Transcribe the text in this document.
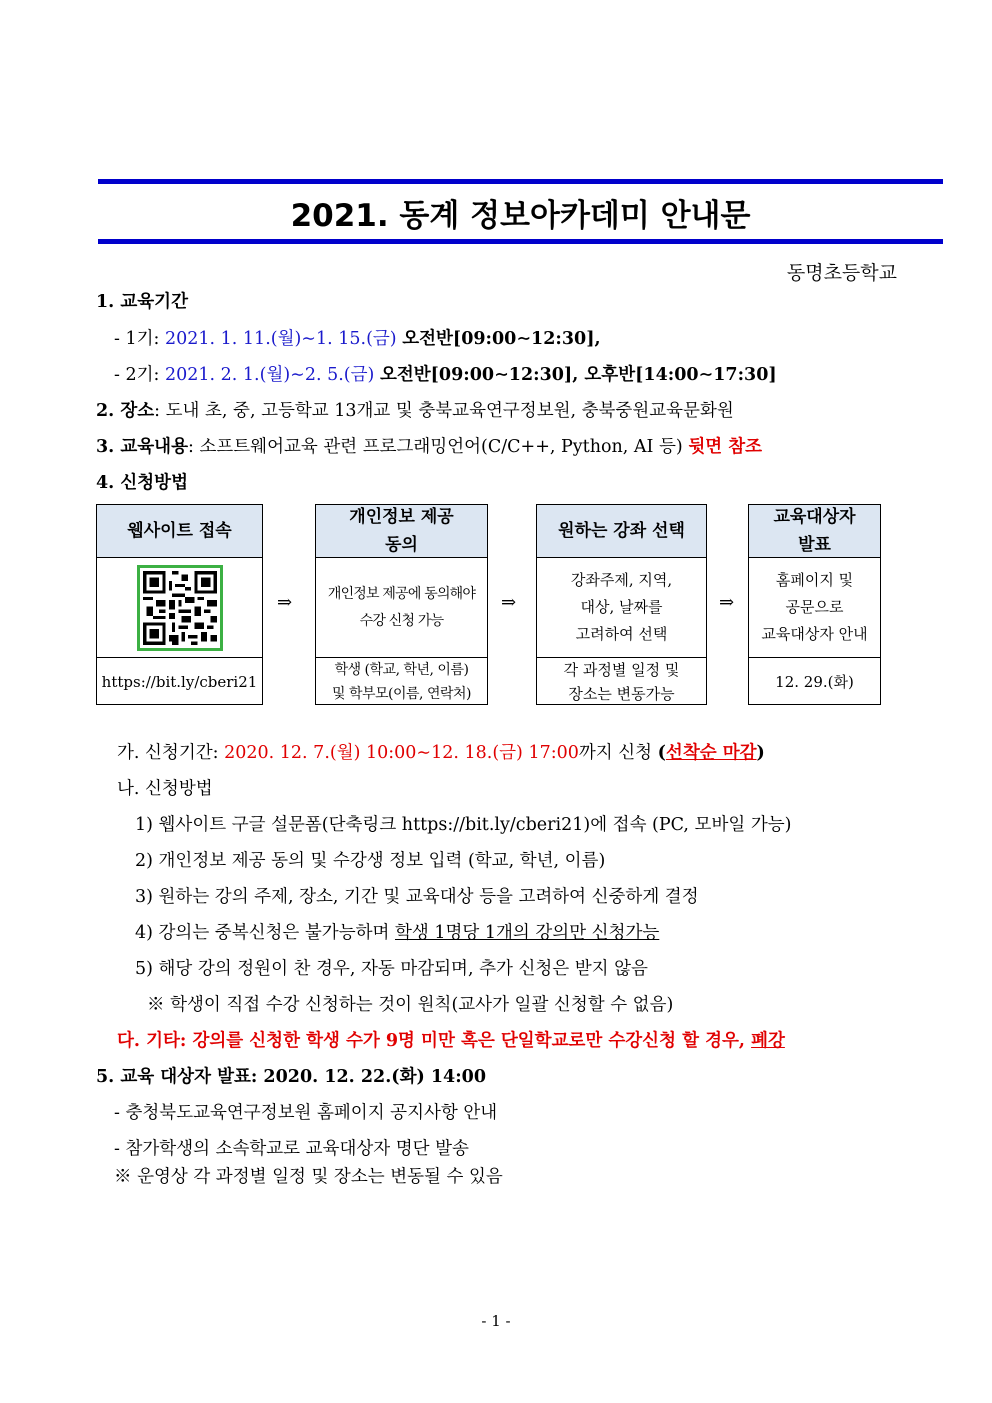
2021. 동계 정보아카데미 안내문
동명초등학교
1. 교육기간
- 1기: 2021. 1. 11.(월)∼1. 15.(금) 오전반[09:00∼12:30],
- 2기: 2021. 2. 1.(월)∼2. 5.(금) 오전반[09:00∼12:30], 오후반[14:00∼17:30]
2. 장소: 도내 초, 중, 고등학교 13개교 및 충북교육연구정보원, 충북중원교육문화원
3. 교육내용: 소프트웨어교육 관련 프로그래밍언어(C/C++, Python, AI 등) 뒷면 참조
4. 신청방법
웹사이트 접속
https://bit.ly/cberi21
⇒
개인정보 제공
동의
개인정보 제공에 동의해야
수강 신청 가능
학생 (학교, 학년, 이름)
및 학부모(이름, 연락처)
⇒
원하는 강좌 선택
강좌주제, 지역,
대상, 날짜를
고려하여 선택
각 과정별 일정 및
장소는 변동가능
⇒
교육대상자
발표
홈페이지 및
공문으로
교육대상자 안내
12. 29.(화)
가. 신청기간: 2020. 12. 7.(월) 10:00∼12. 18.(금) 17:00까지 신청 (선착순 마감)
나. 신청방법
1) 웹사이트 구글 설문폼(단축링크 https://bit.ly/cberi21)에 접속 (PC, 모바일 가능)
2) 개인정보 제공 동의 및 수강생 정보 입력 (학교, 학년, 이름)
3) 원하는 강의 주제, 장소, 기간 및 교육대상 등을 고려하여 신중하게 결정
4) 강의는 중복신청은 불가능하며 학생 1명당 1개의 강의만 신청가능
5) 해당 강의 정원이 찬 경우, 자동 마감되며, 추가 신청은 받지 않음
※ 학생이 직접 수강 신청하는 것이 원칙(교사가 일괄 신청할 수 없음)
다. 기타: 강의를 신청한 학생 수가 9명 미만 혹은 단일학교로만 수강신청 할 경우, 폐강
5. 교육 대상자 발표: 2020. 12. 22.(화) 14:00
- 충청북도교육연구정보원 홈페이지 공지사항 안내
- 참가학생의 소속학교로 교육대상자 명단 발송
※ 운영상 각 과정별 일정 및 장소는 변동될 수 있음
- 1 -
